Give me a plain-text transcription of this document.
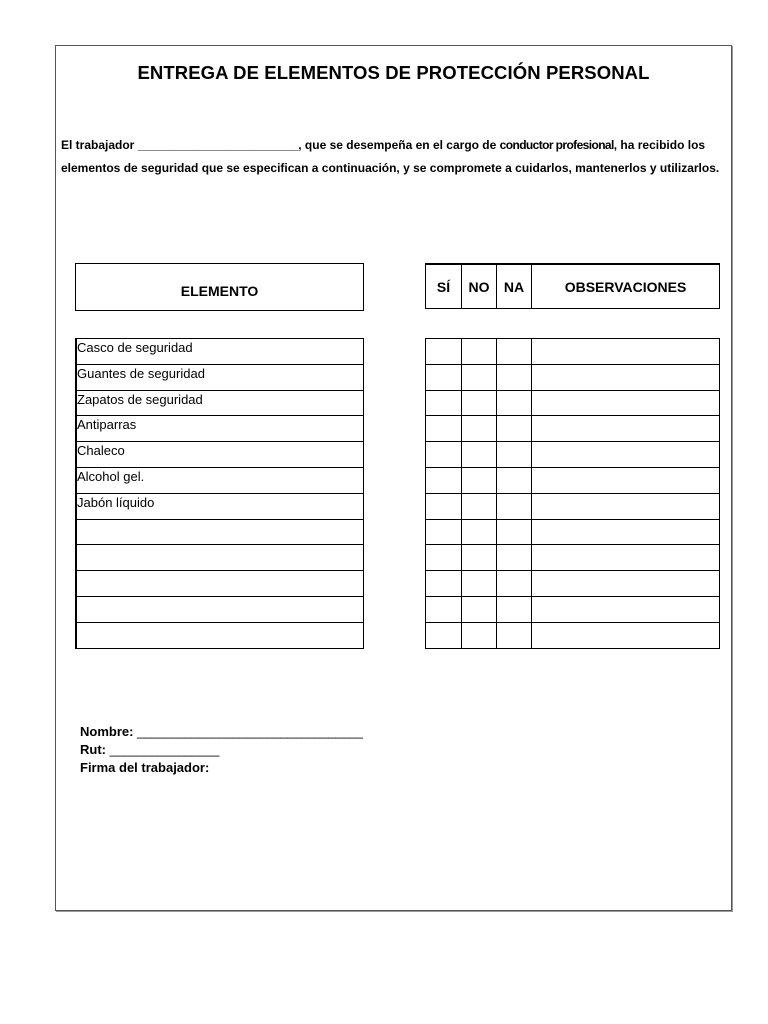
ENTREGA DE ELEMENTOS DE PROTECCIÓN PERSONAL
El trabajador __________________________, que se desempeña en el cargo de conductor profesional, ha recibido los elementos de seguridad que se especifican a continuación, y se compromete a cuidarlos, mantenerlos y utilizarlos.
ELEMENTO	SÍ	NO	NA	OBSERVACIONES
Casco de seguridad
Guantes de seguridad
Zapatos de seguridad
Antiparras
Chaleco
Alcohol gel.
Jabón líquido

Nombre: _________________________________
Rut: ________________
Firma del trabajador:
